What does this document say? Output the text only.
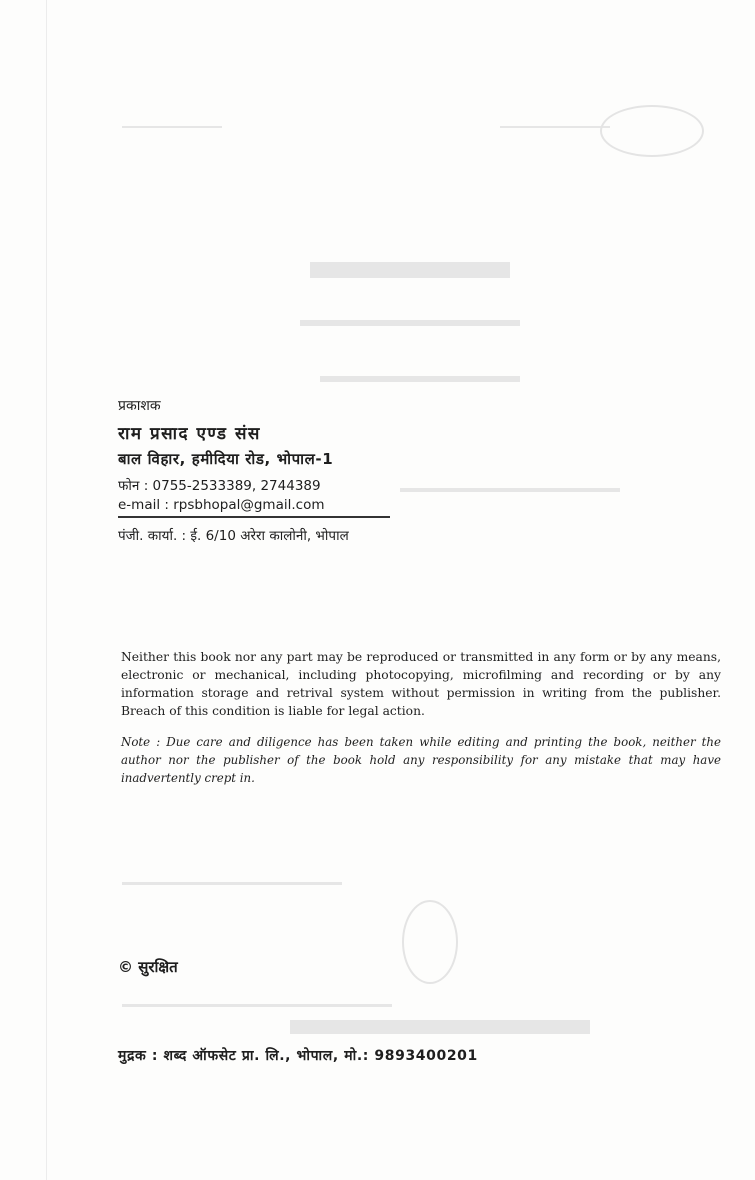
प्रकाशक
राम प्रसाद एण्ड संस
बाल विहार, हमीदिया रोड, भोपाल-1
फोन : 0755-2533389, 2744389
e-mail : rpsbhopal@gmail.com
पंजी. कार्या. : ई. 6/10 अरेरा कालोनी, भोपाल
Neither this book nor any part may be reproduced or transmitted in any form or by any means, electronic or mechanical, including photocopying, microfilming and recording or by any information storage and retrival system without permission in writing from the publisher. Breach of this condition is liable for legal action.
Note : Due care and diligence has been taken while editing and printing the book, neither the author nor the publisher of the book hold any responsibility for any mistake that may have inadvertently crept in.
© सुरक्षित
मुद्रक : शब्द ऑफसेट प्रा. लि., भोपाल, मो.: 9893400201
